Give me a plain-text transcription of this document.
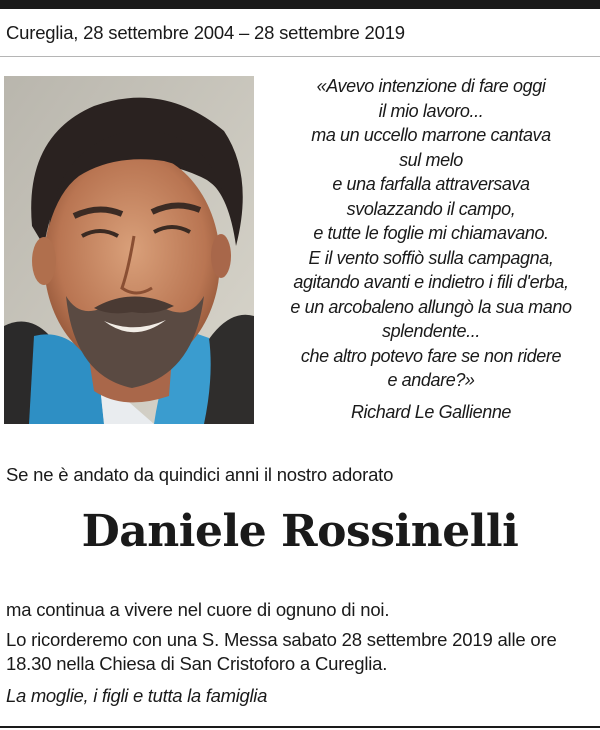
Cureglia, 28 settembre 2004 – 28 settembre 2019
«Avevo intenzione di fare oggi
il mio lavoro...
ma un uccello marrone cantava
sul melo
e una farfalla attraversava
svolazzando il campo,
e tutte le foglie mi chiamavano.
E il vento soffiò sulla campagna,
agitando avanti e indietro i fili d'erba,
e un arcobaleno allungò la sua mano
splendente...
che altro potevo fare se non ridere
e andare?»
Richard Le Gallienne
Se ne è andato da quindici anni il nostro adorato
Daniele Rossinelli
ma continua a vivere nel cuore di ognuno di noi.
Lo ricorderemo con una S. Messa sabato 28 settembre 2019 alle ore 18.30 nella Chiesa di San Cristoforo a Cureglia.
La moglie, i figli e tutta la famiglia
